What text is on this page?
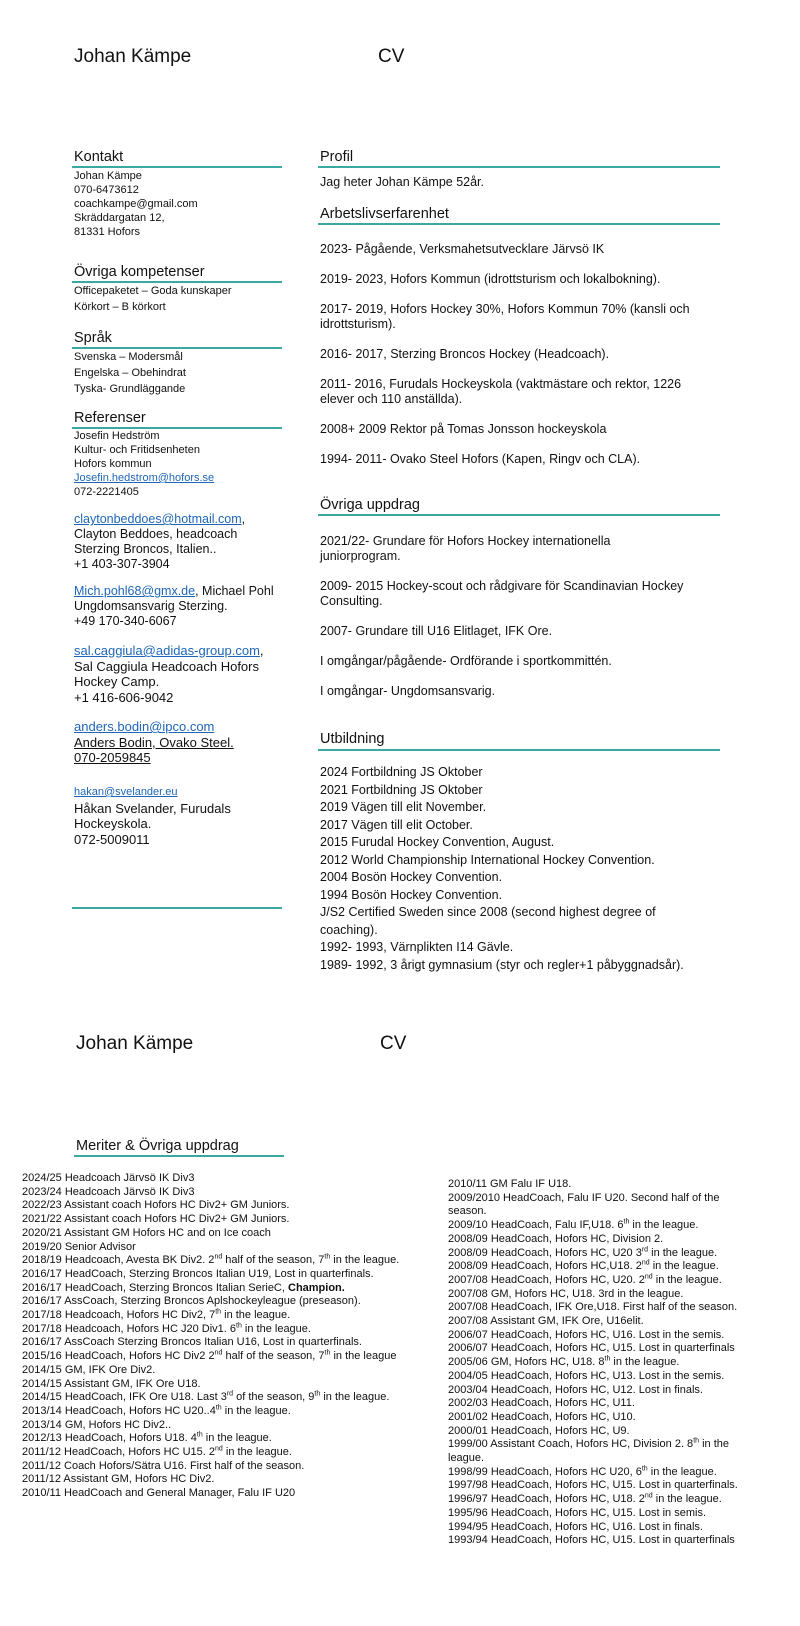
Johan Kämpe	CV
Kontakt
Johan Kämpe
070-6473612
coachkampe@gmail.com
Skräddargatan 12,
81331 Hofors
Övriga kompetenser
Officepaketet – Goda kunskaper
Körkort – B körkort
Språk
Svenska – Modersmål
Engelska – Obehindrat
Tyska- Grundläggande
Referenser
Josefin Hedström
Kultur- och Fritidsenheten
Hofors kommun
Josefin.hedstrom@hofors.se
072-2221405
claytonbeddoes@hotmail.com,
Clayton Beddoes, headcoach
Sterzing Broncos, Italien..
+1 403-307-3904
Mich.pohl68@gmx.de, Michael Pohl
Ungdomsansvarig Sterzing.
+49 170-340-6067
sal.caggiula@adidas-group.com,
Sal Caggiula Headcoach Hofors
Hockey Camp.
+1 416-606-9042
anders.bodin@ipco.com
Anders Bodin, Ovako Steel.
070-2059845
hakan@svelander.eu
Håkan Svelander, Furudals
Hockeyskola.
072-5009011
Profil
Jag heter Johan Kämpe 52år.
Arbetslivserfarenhet
2023- Pågående, Verksmahetsutvecklare Järvsö IK
2019- 2023, Hofors Kommun (idrottsturism och lokalbokning).
2017- 2019, Hofors Hockey 30%, Hofors Kommun 70% (kansli och
idrottsturism).
2016- 2017, Sterzing Broncos Hockey (Headcoach).
2011- 2016, Furudals Hockeyskola (vaktmästare och rektor, 1226
elever och 110 anställda).
2008+ 2009 Rektor på Tomas Jonsson hockeyskola
1994- 2011- Ovako Steel Hofors (Kapen, Ringv och CLA).
Övriga uppdrag
2021/22- Grundare för Hofors Hockey internationella
juniorprogram.
2009- 2015 Hockey-scout och rådgivare för Scandinavian Hockey
Consulting.
2007- Grundare till U16 Elitlaget, IFK Ore.
I omgångar/pågående- Ordförande i sportkommittén.
I omgångar- Ungdomsansvarig.
Utbildning
2024 Fortbildning JS Oktober
2021 Fortbildning JS Oktober
2019 Vägen till elit November.
2017 Vägen till elit October.
2015 Furudal Hockey Convention, August.
2012 World Championship International Hockey Convention.
2004 Bosön Hockey Convention.
1994 Bosön Hockey Convention.
J/S2 Certified Sweden since 2008 (second highest degree of
coaching).
1992- 1993, Värnplikten I14 Gävle.
1989- 1992, 3 årigt gymnasium (styr och regler+1 påbyggnadsår).
Johan Kämpe	CV
Meriter & Övriga uppdrag
2024/25 Headcoach Järvsö IK Div3
2023/24 Headcoach Järvsö IK Div3
2022/23 Assistant coach Hofors HC Div2+ GM Juniors.
2021/22 Assistant coach Hofors HC Div2+ GM Juniors.
2020/21 Assistant GM Hofors HC and on Ice coach
2019/20 Senior Advisor
2018/19 Headcoach, Avesta BK Div2. 2nd half of the season, 7th in the league.
2016/17 HeadCoach, Sterzing Broncos Italian U19, Lost in quarterfinals.
2016/17 HeadCoach, Sterzing Broncos Italian SerieC, Champion.
2016/17 AssCoach, Sterzing Broncos Aplshockeyleague (preseason).
2017/18 Headcoach, Hofors HC Div2, 7th in the league.
2017/18 Headcoach, Hofors HC J20 Div1. 6th in the league.
2016/17 AssCoach Sterzing Broncos Italian U16, Lost in quarterfinals.
2015/16 HeadCoach, Hofors HC Div2 2nd half of the season, 7th in the league
2014/15 GM, IFK Ore Div2.
2014/15 Assistant GM, IFK Ore U18.
2014/15 HeadCoach, IFK Ore U18. Last 3rd of the season, 9th in the league.
2013/14 HeadCoach, Hofors HC U20..4th in the league.
2013/14 GM, Hofors HC Div2..
2012/13 HeadCoach, Hofors U18. 4th in the league.
2011/12 HeadCoach, Hofors HC U15. 2nd in the league.
2011/12 Coach Hofors/Sätra U16. First half of the season.
2011/12 Assistant GM, Hofors HC Div2.
2010/11 HeadCoach and General Manager, Falu IF U20
2010/11 GM Falu IF U18.
2009/2010 HeadCoach, Falu IF U20. Second half of the
season.
2009/10 HeadCoach, Falu IF,U18. 6th in the league.
2008/09 HeadCoach, Hofors HC, Division 2.
2008/09 HeadCoach, Hofors HC, U20 3rd in the league.
2008/09 HeadCoach, Hofors HC,U18. 2nd in the league.
2007/08 HeadCoach, Hofors HC, U20. 2nd in the league.
2007/08 GM, Hofors HC, U18. 3rd in the league.
2007/08 HeadCoach, IFK Ore,U18. First half of the season.
2007/08 Assistant GM, IFK Ore, U16elit.
2006/07 HeadCoach, Hofors HC, U16. Lost in the semis.
2006/07 HeadCoach, Hofors HC, U15. Lost in quarterfinals
2005/06 GM, Hofors HC, U18. 8th in the league.
2004/05 HeadCoach, Hofors HC, U13. Lost in the semis.
2003/04 HeadCoach, Hofors HC, U12. Lost in finals.
2002/03 HeadCoach, Hofors HC, U11.
2001/02 HeadCoach, Hofors HC, U10.
2000/01 HeadCoach, Hofors HC, U9.
1999/00 Assistant Coach, Hofors HC, Division 2. 8th in the
league.
1998/99 HeadCoach, Hofors HC U20, 6th in the league.
1997/98 HeadCoach, Hofors HC, U15. Lost in quarterfinals.
1996/97 HeadCoach, Hofors HC, U18. 2nd in the league.
1995/96 HeadCoach, Hofors HC, U15. Lost in semis.
1994/95 HeadCoach, Hofors HC, U16. Lost in finals.
1993/94 HeadCoach, Hofors HC, U15. Lost in quarterfinals
